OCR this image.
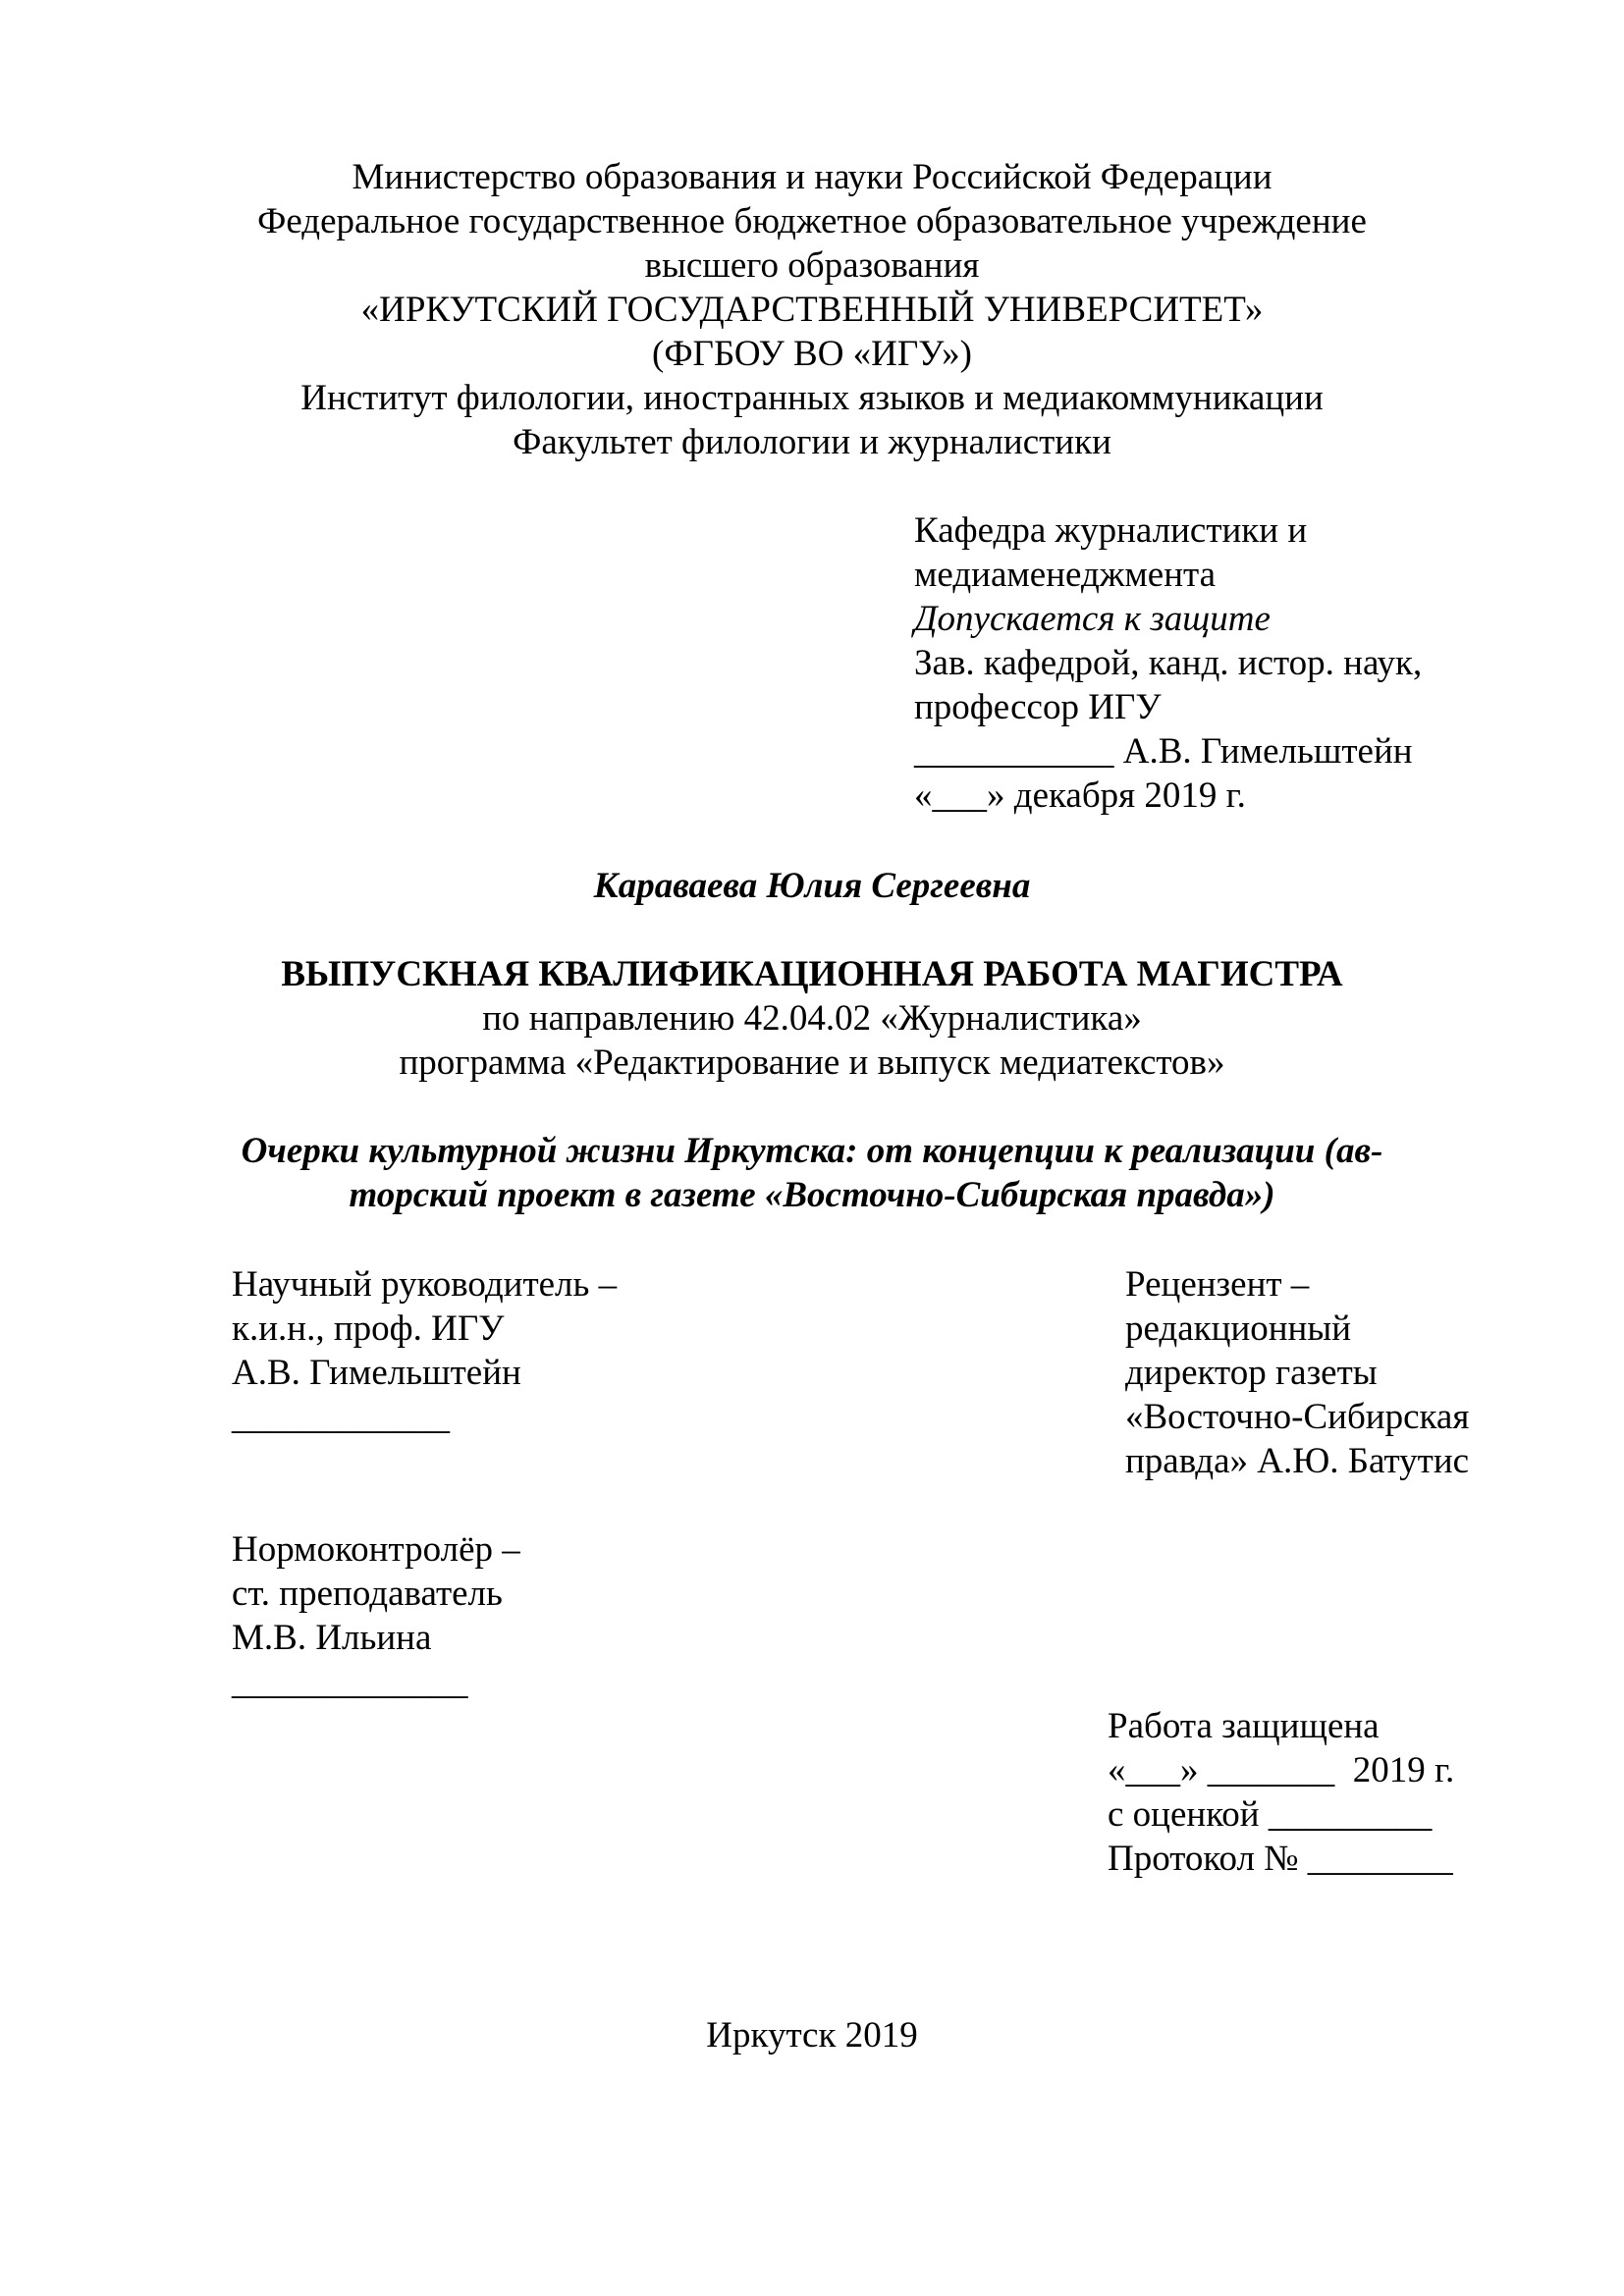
Министерство образования и науки Российской Федерации
Федеральное государственное бюджетное образовательное учреждение
высшего образования
«ИРКУТСКИЙ ГОСУДАРСТВЕННЫЙ УНИВЕРСИТЕТ»
(ФГБОУ ВО «ИГУ»)
Институт филологии, иностранных языков и медиакоммуникации
Факультет филологии и журналистики
Кафедра журналистики и
медиаменеджмента
Допускается к защите
Зав. кафедрой, канд. истор. наук,
профессор ИГУ
___________ А.В. Гимельштейн
«___» декабря 2019 г.
Караваева Юлия Сергеевна
ВЫПУСКНАЯ КВАЛИФИКАЦИОННАЯ РАБОТА МАГИСТРА
по направлению 42.04.02 «Журналистика»
программа «Редактирование и выпуск медиатекстов»
Очерки культурной жизни Иркутска: от концепции к реализации (ав-
торский проект в газете «Восточно-Сибирская правда»)
Научный руководитель –
к.и.н., проф. ИГУ
А.В. Гимельштейн
____________
Рецензент –
редакционный
директор газеты
«Восточно-Сибирская
правда» А.Ю. Батутис
Нормоконтролёр –
ст. преподаватель
М.В. Ильина
_____________
Работа защищена
«___» _______  2019 г.
с оценкой _________
Протокол № ________
Иркутск 2019
